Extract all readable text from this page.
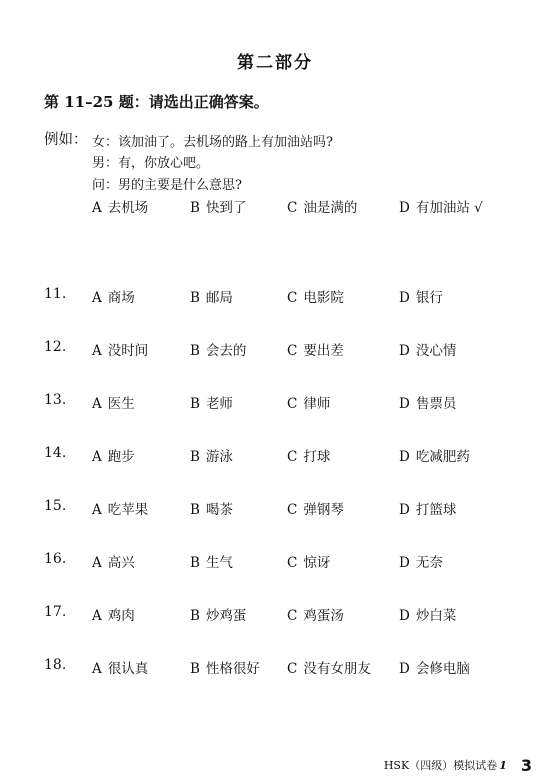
第二部分
第 11–25 题：请选出正确答案。
例如： 女：该加油了。去机场的路上有加油站吗?
男：有，你放心吧。
问：男的主要是什么意思?
A 去机场	B 快到了	C 油是满的	D 有加油站 √
11. A 商场	B 邮局	C 电影院	D 银行
12. A 没时间	B 会去的	C 要出差	D 没心情
13. A 医生	B 老师	C 律师	D 售票员
14. A 跑步	B 游泳	C 打球	D 吃减肥药
15. A 吃苹果	B 喝茶	C 弹钢琴	D 打篮球
16. A 高兴	B 生气	C 惊讶	D 无奈
17. A 鸡肉	B 炒鸡蛋	C 鸡蛋汤	D 炒白菜
18. A 很认真	B 性格很好 C 没有女朋友 D 会修电脑
HSK（四级）模拟试卷 1 3
